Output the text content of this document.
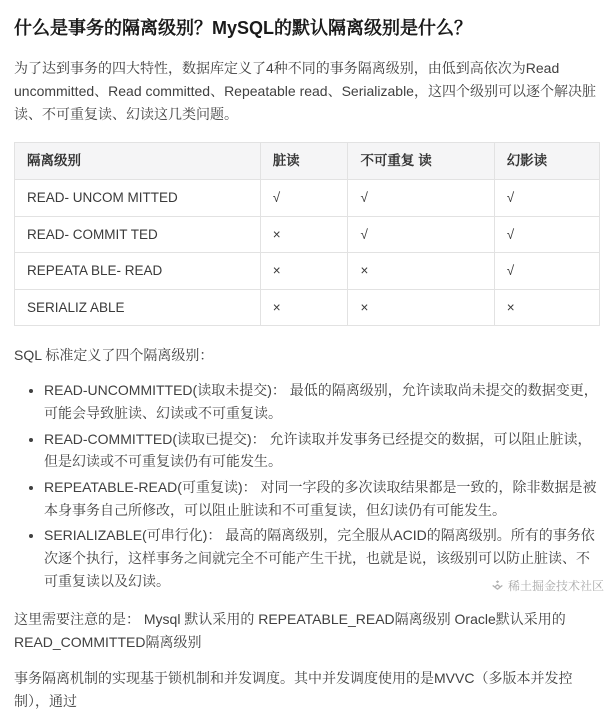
什么是事务的隔离级别？MySQL的默认隔离级别是什么？

为了达到事务的四大特性，数据库定义了4种不同的事务隔离级别，由低到高依次为Read uncommitted、Read committed、Repeatable read、Serializable，这四个级别可以逐个解决脏读、不可重复读、幻读这几类问题。

隔离级别	脏读	不可重复 读	幻影读
READ- UNCOM MITTED	√	√	√
READ- COMMIT TED	×	√	√
REPEATA BLE- READ	×	×	√
SERIALIZ ABLE	×	×	×

SQL 标准定义了四个隔离级别：

• READ-UNCOMMITTED(读取未提交)： 最低的隔离级别，允许读取尚未提交的数据变更，可能会导致脏读、幻读或不可重复读。
• READ-COMMITTED(读取已提交)： 允许读取并发事务已经提交的数据，可以阻止脏读，但是幻读或不可重复读仍有可能发生。
• REPEATABLE-READ(可重复读)： 对同一字段的多次读取结果都是一致的，除非数据是被本身事务自己所修改，可以阻止脏读和不可重复读，但幻读仍有可能发生。
• SERIALIZABLE(可串行化)： 最高的隔离级别，完全服从ACID的隔离级别。所有的事务依次逐个执行，这样事务之间就完全不可能产生干扰，也就是说，该级别可以防止脏读、不可重复读以及幻读。

这里需要注意的是： Mysql 默认采用的 REPEATABLE_READ隔离级别 Oracle默认采用的 READ_COMMITTED隔离级别

事务隔离机制的实现基于锁机制和并发调度。其中并发调度使用的是MVVC（多版本并发控制），通过

稀土掘金技术社区
